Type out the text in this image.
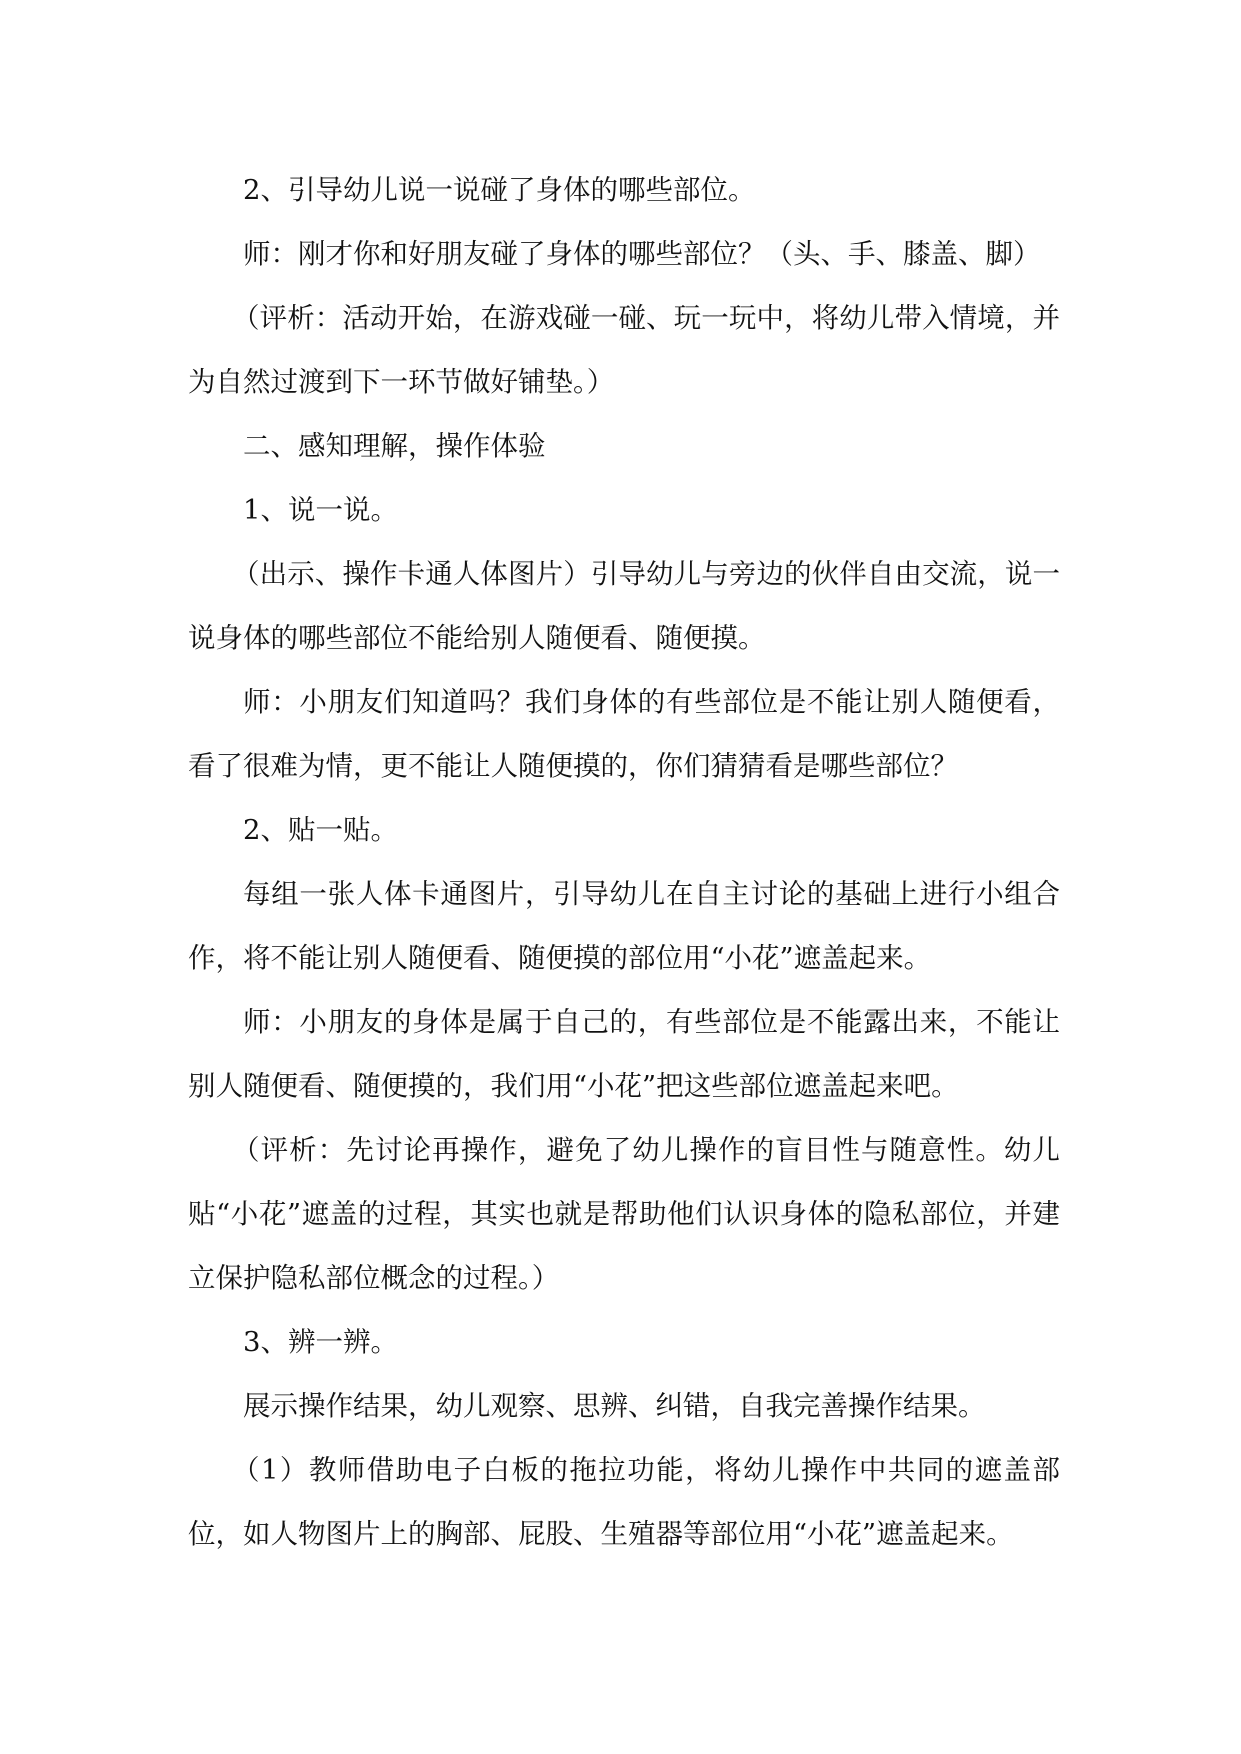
2、引导幼儿说一说碰了身体的哪些部位。

师：刚才你和好朋友碰了身体的哪些部位？（头、手、膝盖、脚）

（评析：活动开始，在游戏碰一碰、玩一玩中，将幼儿带入情境，并为自然过渡到下一环节做好铺垫。）

二、感知理解，操作体验

1、说一说。

（出示、操作卡通人体图片）引导幼儿与旁边的伙伴自由交流，说一说身体的哪些部位不能给别人随便看、随便摸。

师：小朋友们知道吗？我们身体的有些部位是不能让别人随便看，看了很难为情，更不能让人随便摸的，你们猜猜看是哪些部位？

2、贴一贴。

每组一张人体卡通图片，引导幼儿在自主讨论的基础上进行小组合作，将不能让别人随便看、随便摸的部位用“小花”遮盖起来。

师：小朋友的身体是属于自己的，有些部位是不能露出来，不能让别人随便看、随便摸的，我们用“小花”把这些部位遮盖起来吧。

（评析：先讨论再操作，避免了幼儿操作的盲目性与随意性。幼儿贴“小花”遮盖的过程，其实也就是帮助他们认识身体的隐私部位，并建立保护隐私部位概念的过程。）

3、辨一辨。

展示操作结果，幼儿观察、思辨、纠错，自我完善操作结果。

（1）教师借助电子白板的拖拉功能，将幼儿操作中共同的遮盖部位，如人物图片上的胸部、屁股、生殖器等部位用“小花”遮盖起来。
